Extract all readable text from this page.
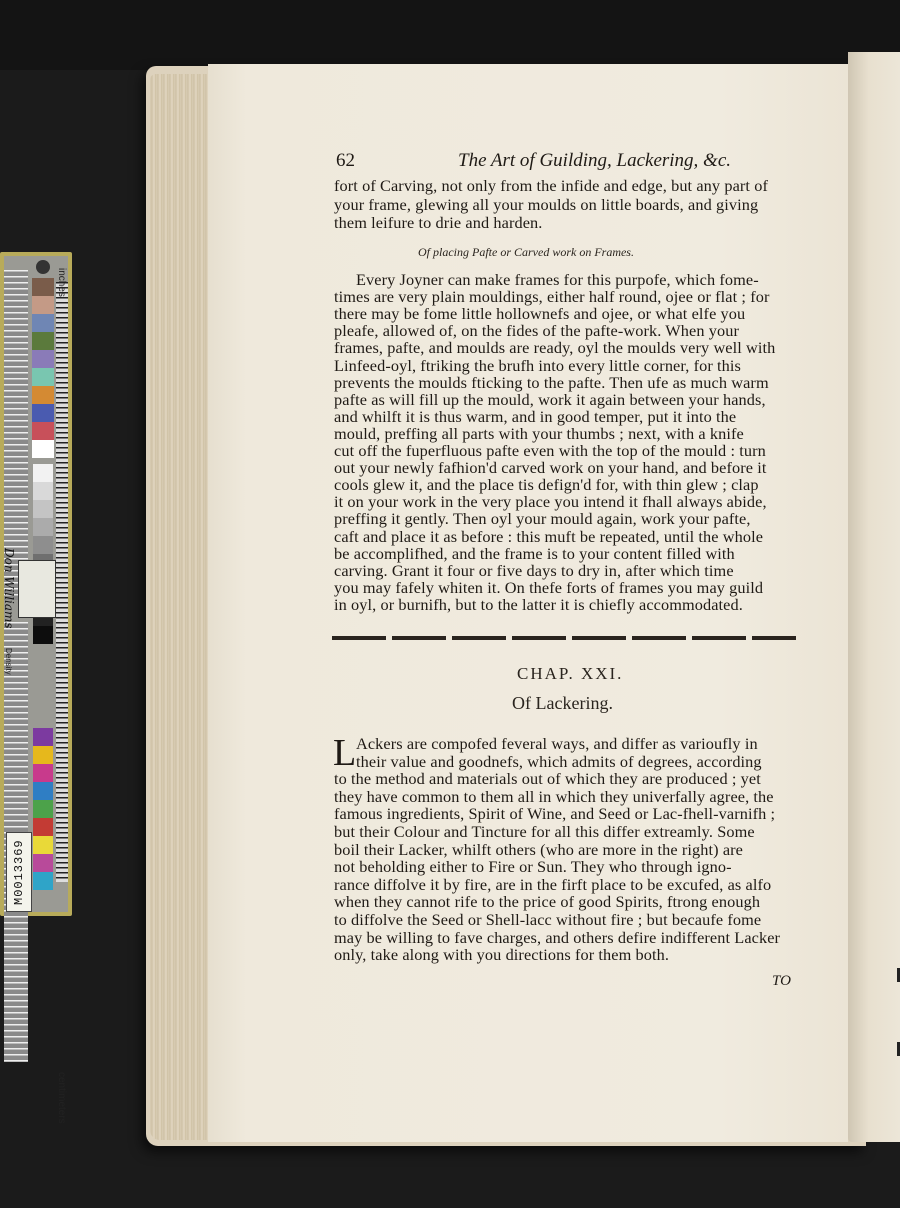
inches
centimeters
Density
Don Williams
M0013369
62	The Art of Guilding, Lackering, &c.
fort of Carving, not only from the infide and edge, but any part of
your frame, glewing all your moulds on little boards, and giving
them leifure to drie and harden.
Of placing Pafte or Carved work on Frames.
Every Joyner can make frames for this purpofe, which fome-
times are very plain mouldings, either half round, ojee or flat ; for
there may be fome little hollownefs and ojee, or what elfe you
pleafe, allowed of, on the fides of the pafte-work. When your
frames, pafte, and moulds are ready, oyl the moulds very well with
Linfeed-oyl, ftriking the brufh into every little corner, for this
prevents the moulds fticking to the pafte. Then ufe as much warm
pafte as will fill up the mould, work it again between your hands,
and whilft it is thus warm, and in good temper, put it into the
mould, preffing all parts with your thumbs ; next, with a knife
cut off the fuperfluous pafte even with the top of the mould : turn
out your newly fafhion'd carved work on your hand, and before it
cools glew it, and the place tis defign'd for, with thin glew ; clap
it on your work in the very place you intend it fhall always abide,
preffing it gently. Then oyl your mould again, work your pafte,
caft and place it as before : this muft be repeated, until the whole
be accomplifhed, and the frame is to your content filled with
carving. Grant it four or five days to dry in, after which time
you may fafely whiten it. On thefe forts of frames you may guild
in oyl, or burnifh, but to the latter it is chiefly accommodated.
CHAP. XXI.
Of Lackering.
L Ackers are compofed feveral ways, and differ as varioufly in
their value and goodnefs, which admits of degrees, according
to the method and materials out of which they are produced ; yet
they have common to them all in which they univerfally agree, the
famous ingredients, Spirit of Wine, and Seed or Lac-fhell-varnifh ;
but their Colour and Tincture for all this differ extreamly. Some
boil their Lacker, whilft others (who are more in the right) are
not beholding either to Fire or Sun. They who through igno-
rance diffolve it by fire, are in the firft place to be excufed, as alfo
when they cannot rife to the price of good Spirits, ftrong enough
to diffolve the Seed or Shell-lacc without fire ; but becaufe fome
may be willing to fave charges, and others defire indifferent Lacker
only, take along with you directions for them both.
TO
